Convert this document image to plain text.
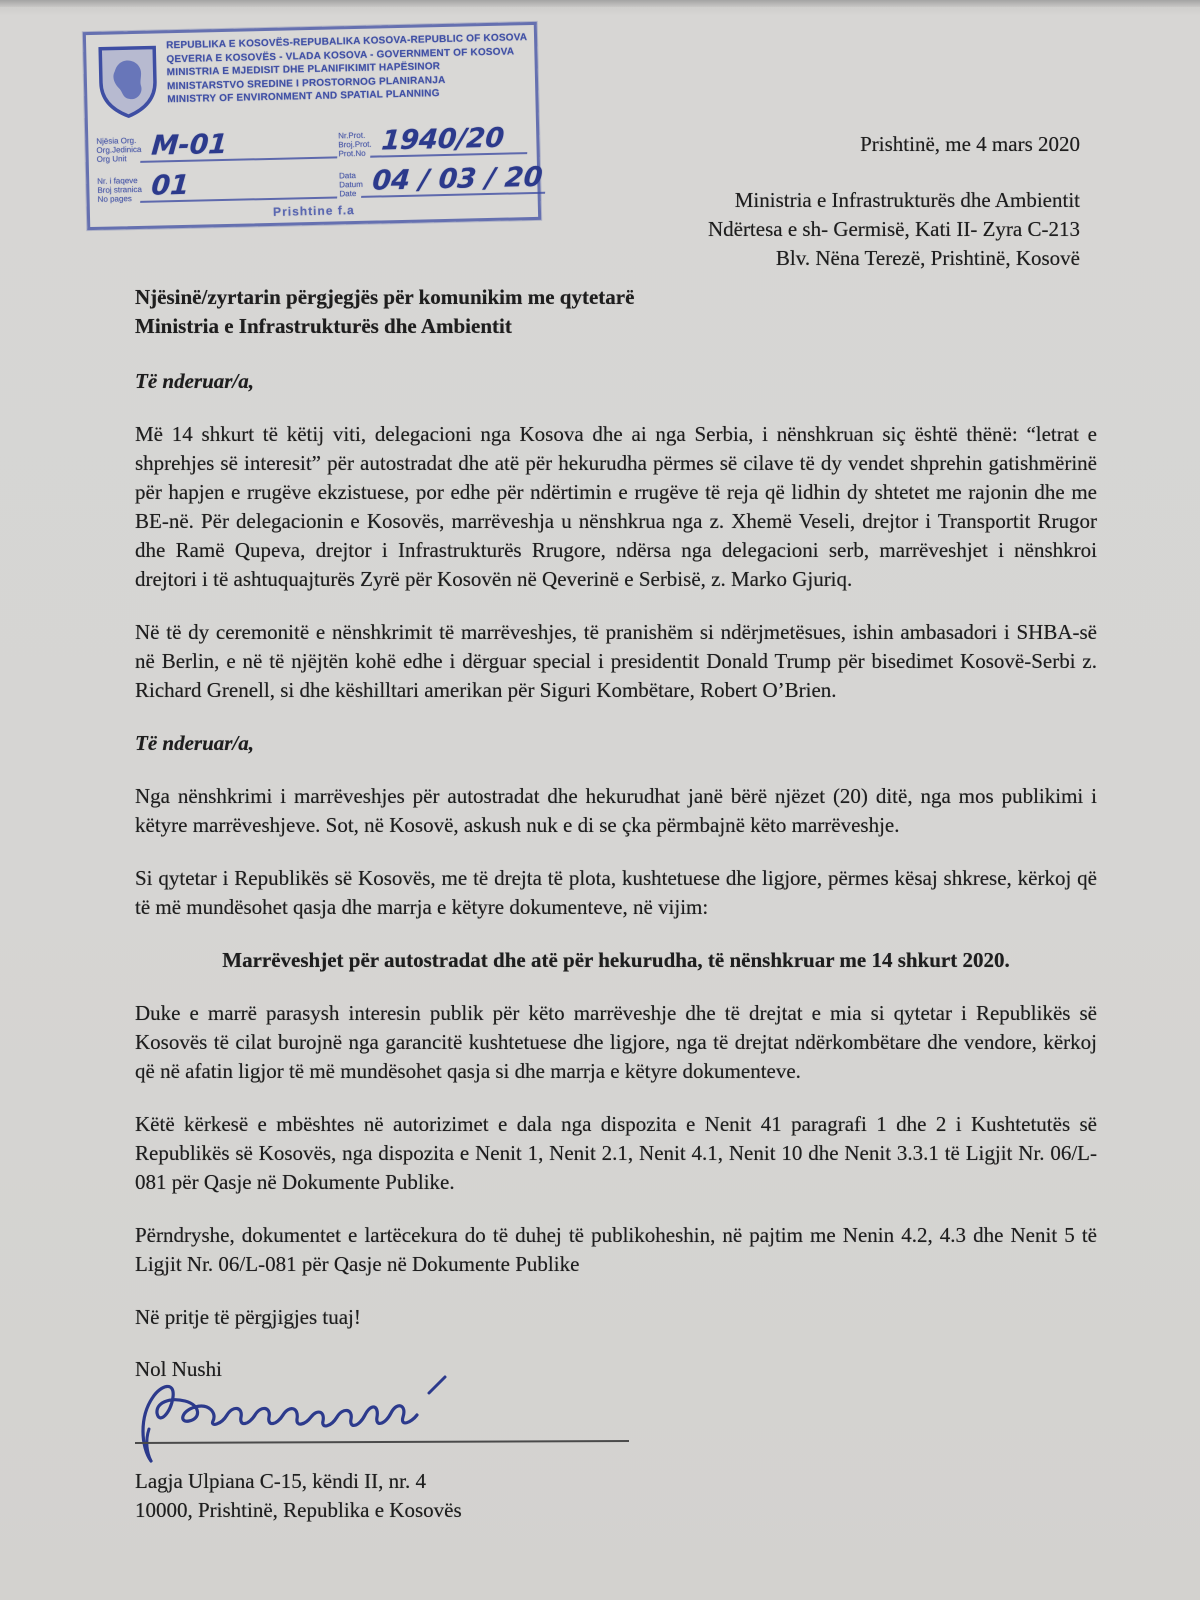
REPUBLIKA E KOSOVËS-REPUBALIKA KOSOVA-REPUBLIC OF KOSOVA
QEVERIA E KOSOVËS - VLADA KOSOVA - GOVERNMENT OF KOSOVA
MINISTRIA E MJEDISIT DHE PLANIFIKIMIT HAPËSINOR
MINISTARSTVO SREDINE I PROSTORNOG PLANIRANJA
MINISTRY OF ENVIRONMENT AND SPATIAL PLANNING
Njësia Org.
Org.Jedinica
Org Unit M-01	Nr.Prot.
Broj.Prot.
Prot.No 1940/20
Nr. i faqeve
Broj stranica
No pages 01	Data
Datum
Date 04 / 03 / 20
Prishtine f.a
Prishtinë, me 4 mars 2020
Ministria e Infrastrukturës dhe Ambientit
Ndërtesa e sh- Germisë, Kati II- Zyra C-213
Blv. Nëna Terezë, Prishtinë, Kosovë
Njësinë/zyrtarin përgjegjës për komunikim me qytetarë
Ministria e Infrastrukturës dhe Ambientit

Të nderuar/a,

Më 14 shkurt të këtij viti, delegacioni nga Kosova dhe ai nga Serbia, i nënshkruan siç është thënë: “letrat e shprehjes së interesit” për autostradat dhe atë për hekurudha përmes së cilave të dy vendet shprehin gatishmërinë për hapjen e rrugëve ekzistuese, por edhe për ndërtimin e rrugëve të reja që lidhin dy shtetet me rajonin dhe me BE-në. Për delegacionin e Kosovës, marrëveshja u nënshkrua nga z. Xhemë Veseli, drejtor i Transportit Rrugor dhe Ramë Qupeva, drejtor i Infrastrukturës Rrugore, ndërsa nga delegacioni serb, marrëveshjet i nënshkroi drejtori i të ashtuquajturës Zyrë për Kosovën në Qeverinë e Serbisë, z. Marko Gjuriq.

Në të dy ceremonitë e nënshkrimit të marrëveshjes, të pranishëm si ndërjmetësues, ishin ambasadori i SHBA-së në Berlin, e në të njëjtën kohë edhe i dërguar special i presidentit Donald Trump për bisedimet Kosovë-Serbi z. Richard Grenell, si dhe këshilltari amerikan për Siguri Kombëtare, Robert O’Brien.

Të nderuar/a,

Nga nënshkrimi i marrëveshjes për autostradat dhe hekurudhat janë bërë njëzet (20) ditë, nga mos publikimi i këtyre marrëveshjeve. Sot, në Kosovë, askush nuk e di se çka përmbajnë këto marrëveshje.

Si qytetar i Republikës së Kosovës, me të drejta të plota, kushtetuese dhe ligjore, përmes kësaj shkrese, kërkoj që të më mundësohet qasja dhe marrja e këtyre dokumenteve, në vijim:

Marrëveshjet për autostradat dhe atë për hekurudha, të nënshkruar me 14 shkurt 2020.

Duke e marrë parasysh interesin publik për këto marrëveshje dhe të drejtat e mia si qytetar i Republikës së Kosovës të cilat burojnë nga garancitë kushtetuese dhe ligjore, nga të drejtat ndërkombëtare dhe vendore, kërkoj që në afatin ligjor të më mundësohet qasja si dhe marrja e këtyre dokumenteve.

Këtë kërkesë e mbështes në autorizimet e dala nga dispozita e Nenit 41 paragrafi 1 dhe 2 i Kushtetutës së Republikës së Kosovës, nga dispozita e Nenit 1, Nenit 2.1, Nenit 4.1, Nenit 10 dhe Nenit 3.3.1 të Ligjit Nr. 06/L-081 për Qasje në Dokumente Publike.

Përndryshe, dokumentet e lartëcekura do të duhej të publikoheshin, në pajtim me Nenin 4.2, 4.3 dhe Nenit 5 të Ligjit Nr. 06/L-081 për Qasje në Dokumente Publike

Në pritje të përgjigjes tuaj!

Nol Nushi
Lagja Ulpiana C-15, këndi II, nr. 4
10000, Prishtinë, Republika e Kosovës
